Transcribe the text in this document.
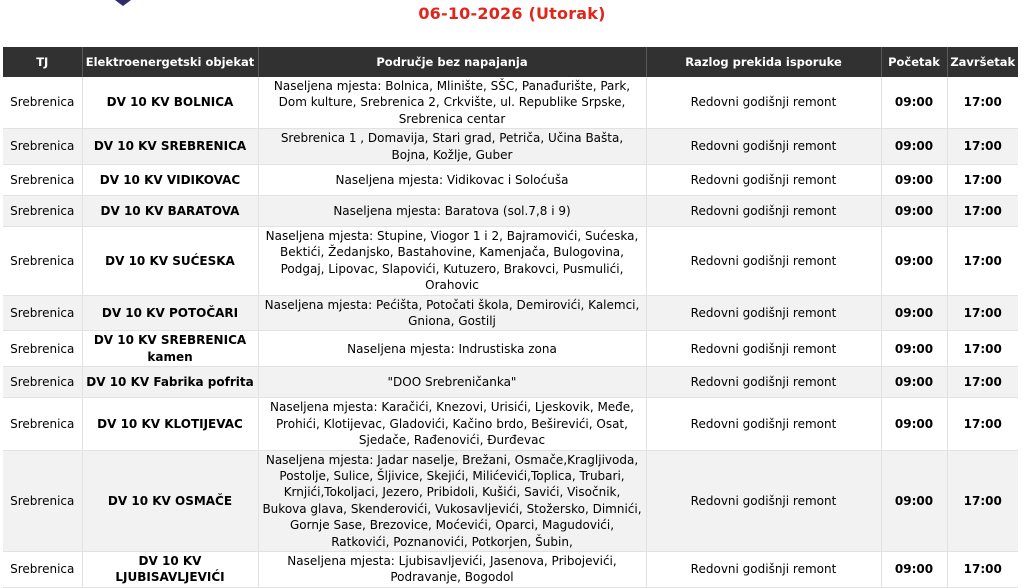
06-10-2026 (Utorak)
TJ	Elektroenergetski objekat	Područje bez napajanja	Razlog prekida isporuke	Početak	Završetak
Srebrenica	DV 10 KV BOLNICA	Naseljena mjesta: Bolnica, Mlinište, SŠC, Panađurište, Park, Dom kulture, Srebrenica 2, Crkvište, ul. Republike Srpske, Srebrenica centar	Redovni godišnji remont	09:00	17:00
Srebrenica	DV 10 KV SREBRENICA	Srebrenica 1 , Domavija, Stari grad, Petriča, Učina Bašta, Bojna, Kožlje, Guber	Redovni godišnji remont	09:00	17:00
Srebrenica	DV 10 KV VIDIKOVAC	Naseljena mjesta: Vidikovac i Solоćuša	Redovni godišnji remont	09:00	17:00
Srebrenica	DV 10 KV BARATOVA	Naseljena mjesta: Baratova (sol.7,8 i 9)	Redovni godišnji remont	09:00	17:00
Srebrenica	DV 10 KV SUĆESKA	Naseljena mjesta: Stupine, Viogor 1 i 2, Bajramovići, Sućeska, Bektići, Žedanjsko, Bastahovine, Kamenjača, Bulogovina, Podgaj, Lipovac, Slapovići, Kutuzero, Brakovci, Pusmulići, Orahovic	Redovni godišnji remont	09:00	17:00
Srebrenica	DV 10 KV POTOČARI	Naseljena mjesta: Pećišta, Potočati škola, Demirovići, Kalemci, Gniona, Gostilj	Redovni godišnji remont	09:00	17:00
Srebrenica	DV 10 KV SREBRENICA kamen	Naseljena mjesta: Indrustiska zona	Redovni godišnji remont	09:00	17:00
Srebrenica	DV 10 KV Fabrika pofrita	"DOO Srebreničanka"	Redovni godišnji remont	09:00	17:00
Srebrenica	DV 10 KV KLOTIJEVAC	Naseljena mjesta: Karačići, Knezovi, Urisići, Ljeskovik, Međe, Prohići, Klotijevac, Gladovići, Kačino brdo, Beširevići, Osat, Sjedače, Rađenovići, Đurđevac	Redovni godišnji remont	09:00	17:00
Srebrenica	DV 10 KV OSMAČE	Naseljena mjesta: Jadar naselje, Brežani, Osmače,Kragljivoda, Postolje, Sulice, Šljivice, Skejići, Milićevići,Toplica, Trubari, Krnjići,Tokoljaci, Jezero, Pribidoli, Kušići, Savići, Visočnik, Bukova glava, Skenderovići, Vukosavljevići, Stožersko, Dimnići, Gornje Sase, Brezovice, Moćevići, Oparci, Magudovići, Ratkovići, Poznanovići, Potkorjen, Šubin,	Redovni godišnji remont	09:00	17:00
Srebrenica	DV 10 KV LJUBISAVLJEVIĆI	Naseljena mjesta: Ljubisavljevići, Jasenova, Pribojevići, Podravanje, Bogodol	Redovni godišnji remont	09:00	17:00
